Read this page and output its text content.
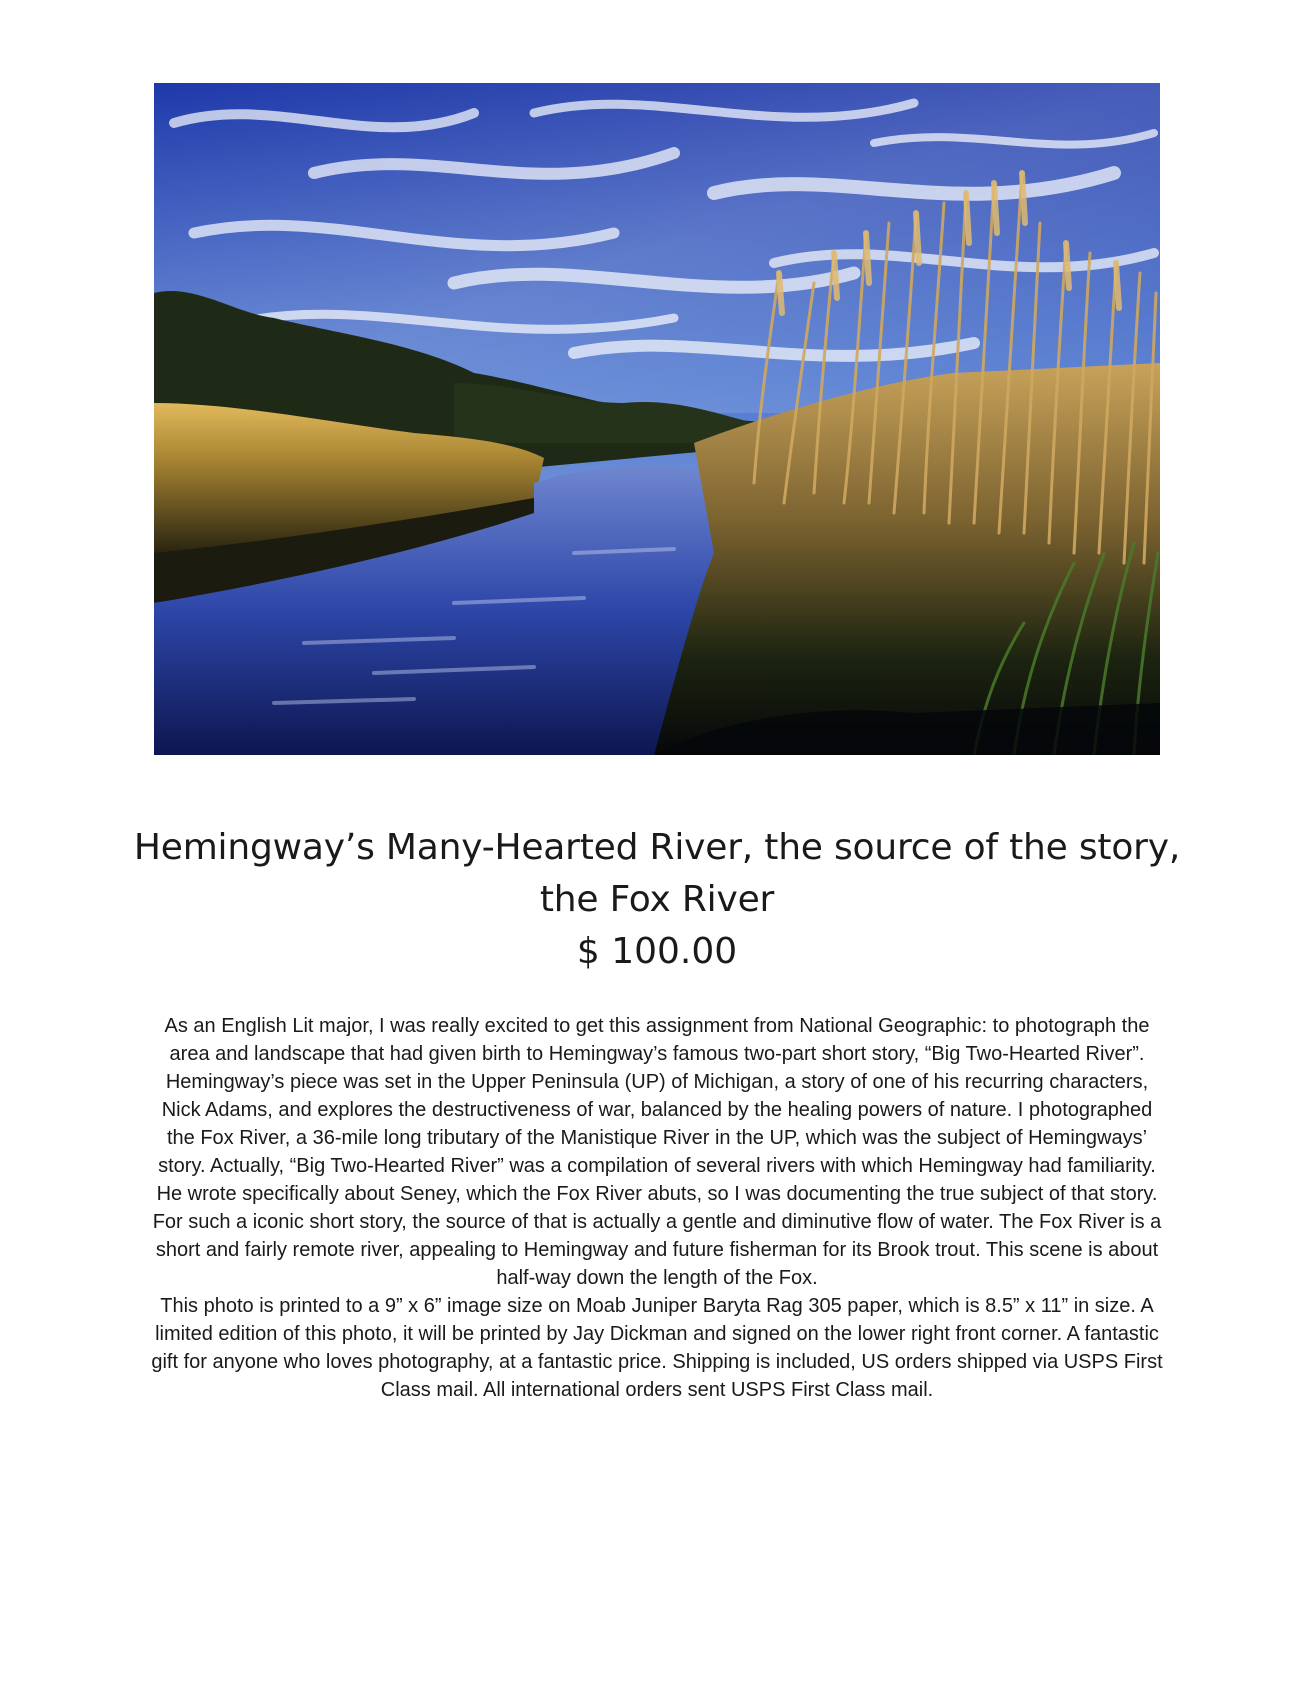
Hemingway’s Many-Hearted River, the source of the story, the Fox River

$ 100.00

As an English Lit major, I was really excited to get this assignment from National Geographic: to photograph the area and landscape that had given birth to Hemingway’s famous two-part short story, “Big Two-Hearted River”. Hemingway’s piece was set in the Upper Peninsula (UP) of Michigan, a story of one of his recurring characters, Nick Adams, and explores the destructiveness of war, balanced by the healing powers of nature. I photographed the Fox River, a 36-mile long tributary of the Manistique River in the UP, which was the subject of Hemingways’ story. Actually, “Big Two-Hearted River” was a compilation of several rivers with which Hemingway had familiarity. He wrote specifically about Seney, which the Fox River abuts, so I was documenting the true subject of that story.

For such a iconic short story, the source of that is actually a gentle and diminutive flow of water. The Fox River is a short and fairly remote river, appealing to Hemingway and future fisherman for its Brook trout. This scene is about half-way down the length of the Fox.

This photo is printed to a 9” x 6” image size on Moab Juniper Baryta Rag 305 paper, which is 8.5” x 11” in size. A limited edition of this photo, it will be printed by Jay Dickman and signed on the lower right front corner. A fantastic gift for anyone who loves photography, at a fantastic price. Shipping is included, US orders shipped via USPS First Class mail. All international orders sent USPS First Class mail.
